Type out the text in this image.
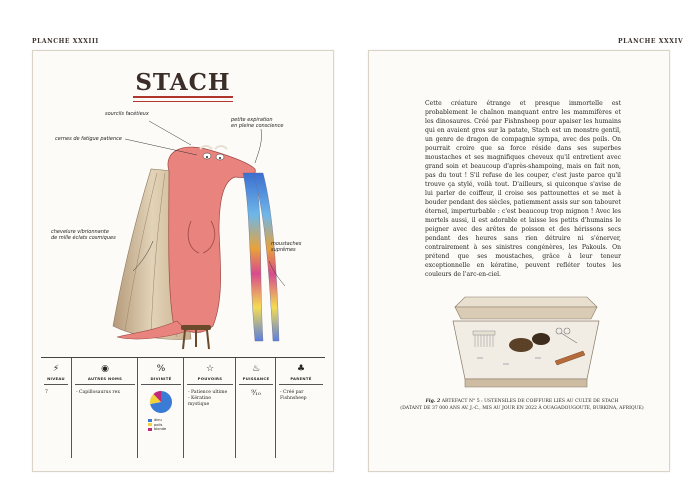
PLANCHE XXXIII
STACH
sourcils facétieux
cernes de fatigue patience
petite expiration
en pleine conscience
chevelure vibrionnante
de mille éclats cosmiques
moustaches
suprêmes
⚡
NIVEAU
7
◉
AUTRES NOMS
- Capillosaurus rex
%
DIVINITÉ
dieu
poils
blonde
☆
POUVOIRS
- Patience ultime
- Kératine mystique
♨
PUISSANCE
⁹⁄₁₀
♣
PARENTÉ
- Créé par
Fishnsheep
PLANCHE XXXIV
Cette créature étrange et presque immortelle est probablement le chaînon manquant entre les mammifères et les dinosaures. Créé par Fishnsheep pour apaiser les humains qui en avaient gros sur la patate, Stach est un monstre gentil, un genre de dragon de compagnie sympa, avec des poils. On pourrait croire que sa force réside dans ses superbes moustaches et ses magnifiques cheveux qu'il entretient avec grand soin et beaucoup d'après-shampoing, mais en fait non, pas du tout ! S'il refuse de les couper, c'est juste parce qu'il trouve ça stylé, voilà tout. D'ailleurs, si quiconque s'avise de lui parler de coiffeur, il croise ses pattounettes et se met à bouder pendant des siècles, patiemment assis sur son tabouret éternel, imperturbable : c'est beaucoup trop mignon ! Avec les mortels aussi, il est adorable et laisse les petits d'humains le peigner avec des arêtes de poisson et des hérissons secs pendant des heures sans rien détruire ni s'énerver, contrairement à ses sinistres congénères, les Pakouls. On prétend que ses moustaches, grâce à leur teneur exceptionnelle en kératine, peuvent refléter toutes les couleurs de l'arc-en-ciel.
Fig. 2 ARTEFACT N° 5 : USTENSILES DE COIFFURE LIÉS AU CULTE DE STACH
(DATANT DE 37 000 ANS AV. J.-C., MIS AU JOUR EN 2022 À OUAGADOUGOUTE, BURKINA, AFRIQUE)
